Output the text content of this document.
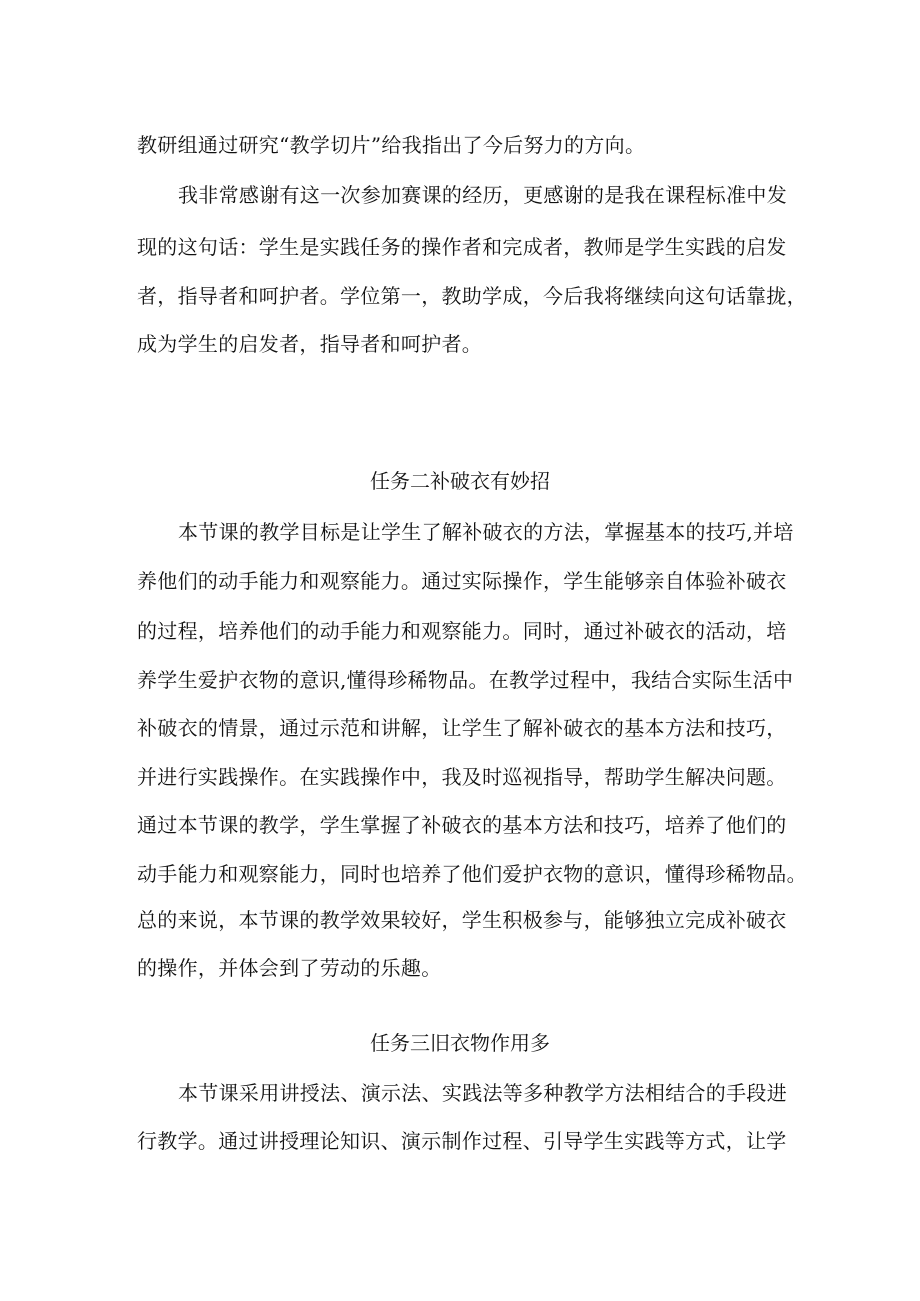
教研组通过研究“教学切片”给我指出了今后努力的方向。
我非常感谢有这一次参加赛课的经历，更感谢的是我在课程标准中发
现的这句话：学生是实践任务的操作者和完成者，教师是学生实践的启发
者，指导者和呵护者。学位第一，教助学成，今后我将继续向这句话靠拢，
成为学生的启发者，指导者和呵护者。
任务二补破衣有妙招
本节课的教学目标是让学生了解补破衣的方法，掌握基本的技巧,并培
养他们的动手能力和观察能力。通过实际操作，学生能够亲自体验补破衣
的过程，培养他们的动手能力和观察能力。同时，通过补破衣的活动，培
养学生爱护衣物的意识,懂得珍稀物品。在教学过程中，我结合实际生活中
补破衣的情景，通过示范和讲解，让学生了解补破衣的基本方法和技巧，
并进行实践操作。在实践操作中，我及时巡视指导，帮助学生解决问题。
通过本节课的教学，学生掌握了补破衣的基本方法和技巧，培养了他们的
动手能力和观察能力，同时也培养了他们爱护衣物的意识，懂得珍稀物品。
总的来说，本节课的教学效果较好，学生积极参与，能够独立完成补破衣
的操作，并体会到了劳动的乐趣。
任务三旧衣物作用多
本节课采用讲授法、演示法、实践法等多种教学方法相结合的手段进
行教学。通过讲授理论知识、演示制作过程、引导学生实践等方式，让学
